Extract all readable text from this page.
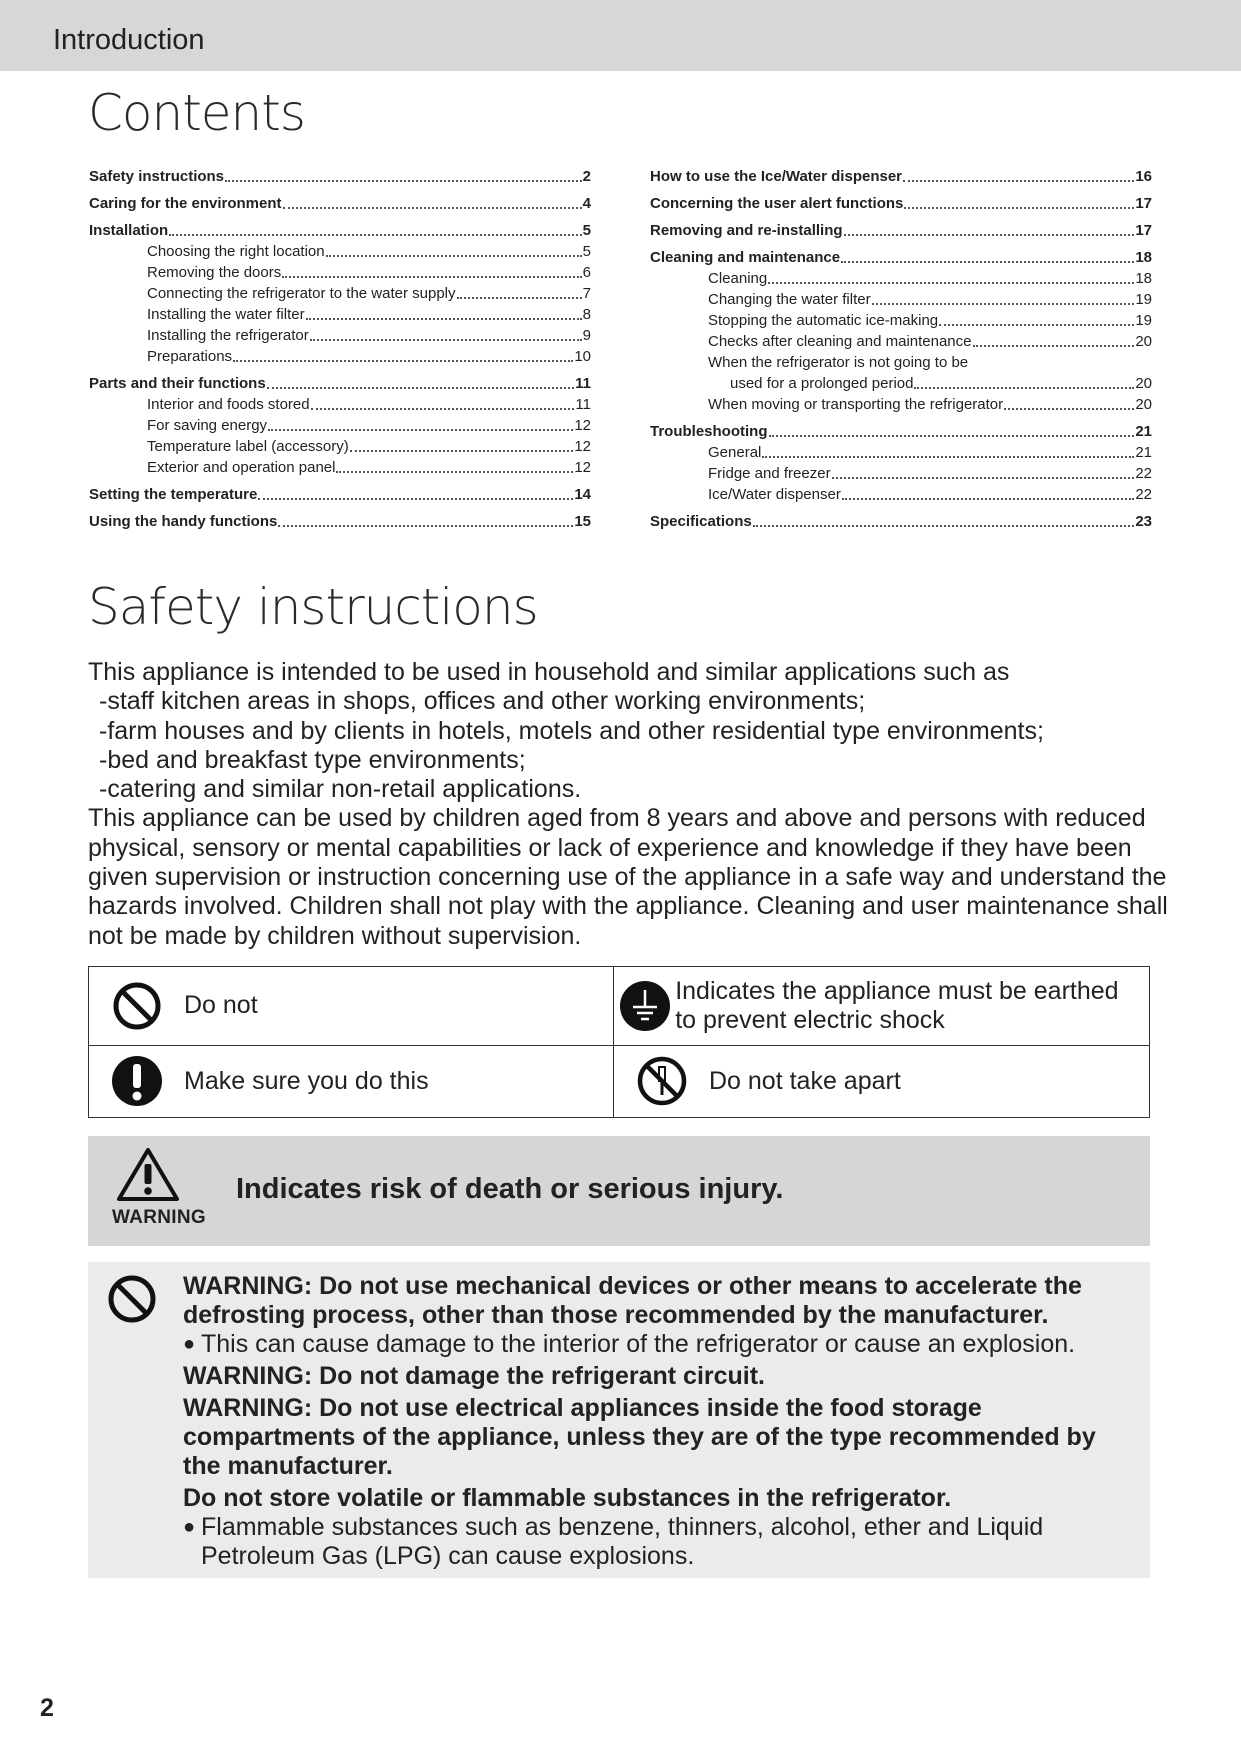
Introduction
Contents
Safety instructions	2
Caring for the environment	4
Installation	5
Choosing the right location	5
Removing the doors	6
Connecting the refrigerator to the water supply	7
Installing the water filter	8
Installing the refrigerator	9
Preparations	10
Parts and their functions	11
Interior and foods stored	11
For saving energy	12
Temperature label (accessory)	12
Exterior and operation panel	12
Setting the temperature	14
Using the handy functions	15
How to use the Ice/Water dispenser	16
Concerning the user alert functions	17
Removing and re-installing	17
Cleaning and maintenance	18
Cleaning	18
Changing the water filter	19
Stopping the automatic ice-making	19
Checks after cleaning and maintenance	20
When the refrigerator is not going to be
used for a prolonged period	20
When moving or transporting the refrigerator	20
Troubleshooting	21
General	21
Fridge and freezer	22
Ice/Water dispenser	22
Specifications	23
Safety instructions

This appliance is intended to be used in household and similar applications such as

-staff kitchen areas in shops, offices and other working environments;

-farm houses and by clients in hotels, motels and other residential type environments;

-bed and breakfast type environments;

-catering and similar non-retail applications.

This appliance can be used by children aged from 8 years and above and persons with reduced physical, sensory or mental capabilities or lack of experience and knowledge if they have been given supervision or instruction concerning use of the appliance in a safe way and understand the hazards involved. Children shall not play with the appliance. Cleaning and user maintenance shall not be made by children without supervision.

Do not	Indicates the appliance must be earthed to prevent electric shock

Make sure you do this	Do not take apart
WARNING
Indicates risk of death or serious injury.
WARNING: Do not use mechanical devices or other means to accelerate the defrosting process, other than those recommended by the manufacturer.
● This can cause damage to the interior of the refrigerator or cause an explosion.
WARNING: Do not damage the refrigerant circuit.
WARNING: Do not use electrical appliances inside the food storage compartments of the appliance, unless they are of the type recommended by the manufacturer.
Do not store volatile or flammable substances in the refrigerator.
● Flammable substances such as benzene, thinners, alcohol, ether and Liquid Petroleum Gas (LPG) can cause explosions.
2
